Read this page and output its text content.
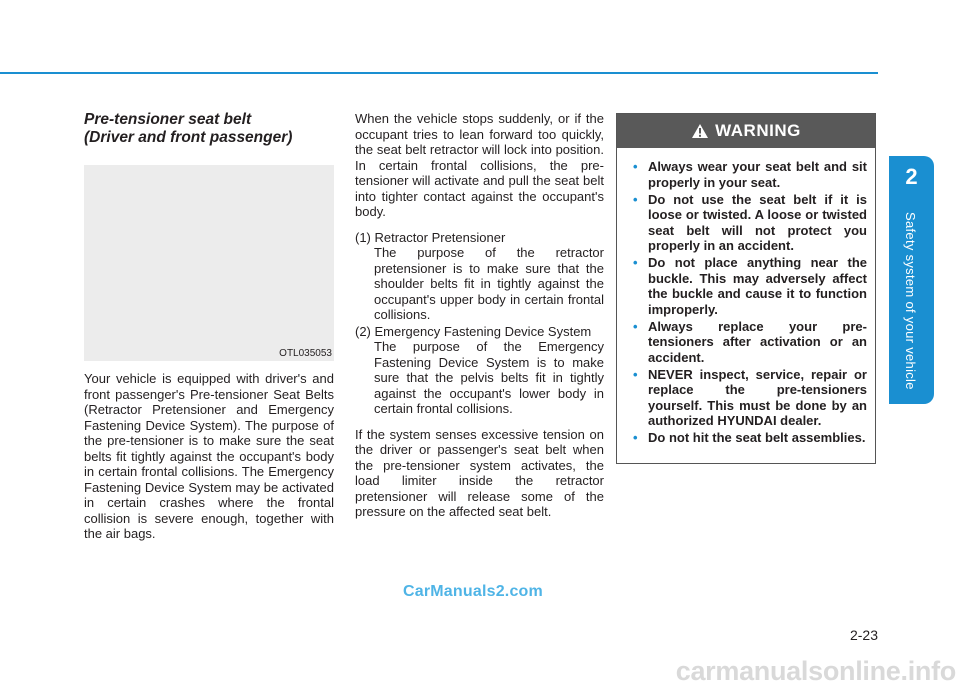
Pre-tensioner seat belt
(Driver and front passenger)
OTL035053

Your vehicle is equipped with driver's and front passenger's Pre-tensioner Seat Belts (Retractor Pretensioner and Emergency Fastening Device System). The purpose of the pre-tensioner is to make sure the seat belts fit tightly against the occupant's body in certain frontal collisions. The Emergency Fastening Device System may be activated in certain crashes where the frontal collision is severe enough, together with the air bags.

When the vehicle stops suddenly, or if the occupant tries to lean forward too quickly, the seat belt retractor will lock into position. In certain frontal collisions, the pre-tensioner will activate and pull the seat belt into tighter contact against the occupant's body.

(1) Retractor Pretensioner

The purpose of the retractor pretensioner is to make sure that the shoulder belts fit in tightly against the occupant's upper body in certain frontal collisions.

(2) Emergency Fastening Device System

The purpose of the Emergency Fastening Device System is to make sure that the pelvis belts fit in tightly against the occupant's lower body in certain frontal collisions.

If the system senses excessive tension on the driver or passenger's seat belt when the pre-tensioner system activates, the load limiter inside the retractor pretensioner will release some of the pressure on the affected seat belt.

WARNING
• Always wear your seat belt and sit properly in your seat.
• Do not use the seat belt if it is loose or twisted. A loose or twisted seat belt will not protect you properly in an accident.
• Do not place anything near the buckle. This may adversely affect the buckle and cause it to function improperly.
• Always replace your pre-tensioners after activation or an accident.
• NEVER inspect, service, repair or replace the pre-tensioners yourself. This must be done by an authorized HYUNDAI dealer.
• Do not hit the seat belt assemblies.
2
Safety system of your vehicle
2-23
CarManuals2.com
carmanualsonline.info
